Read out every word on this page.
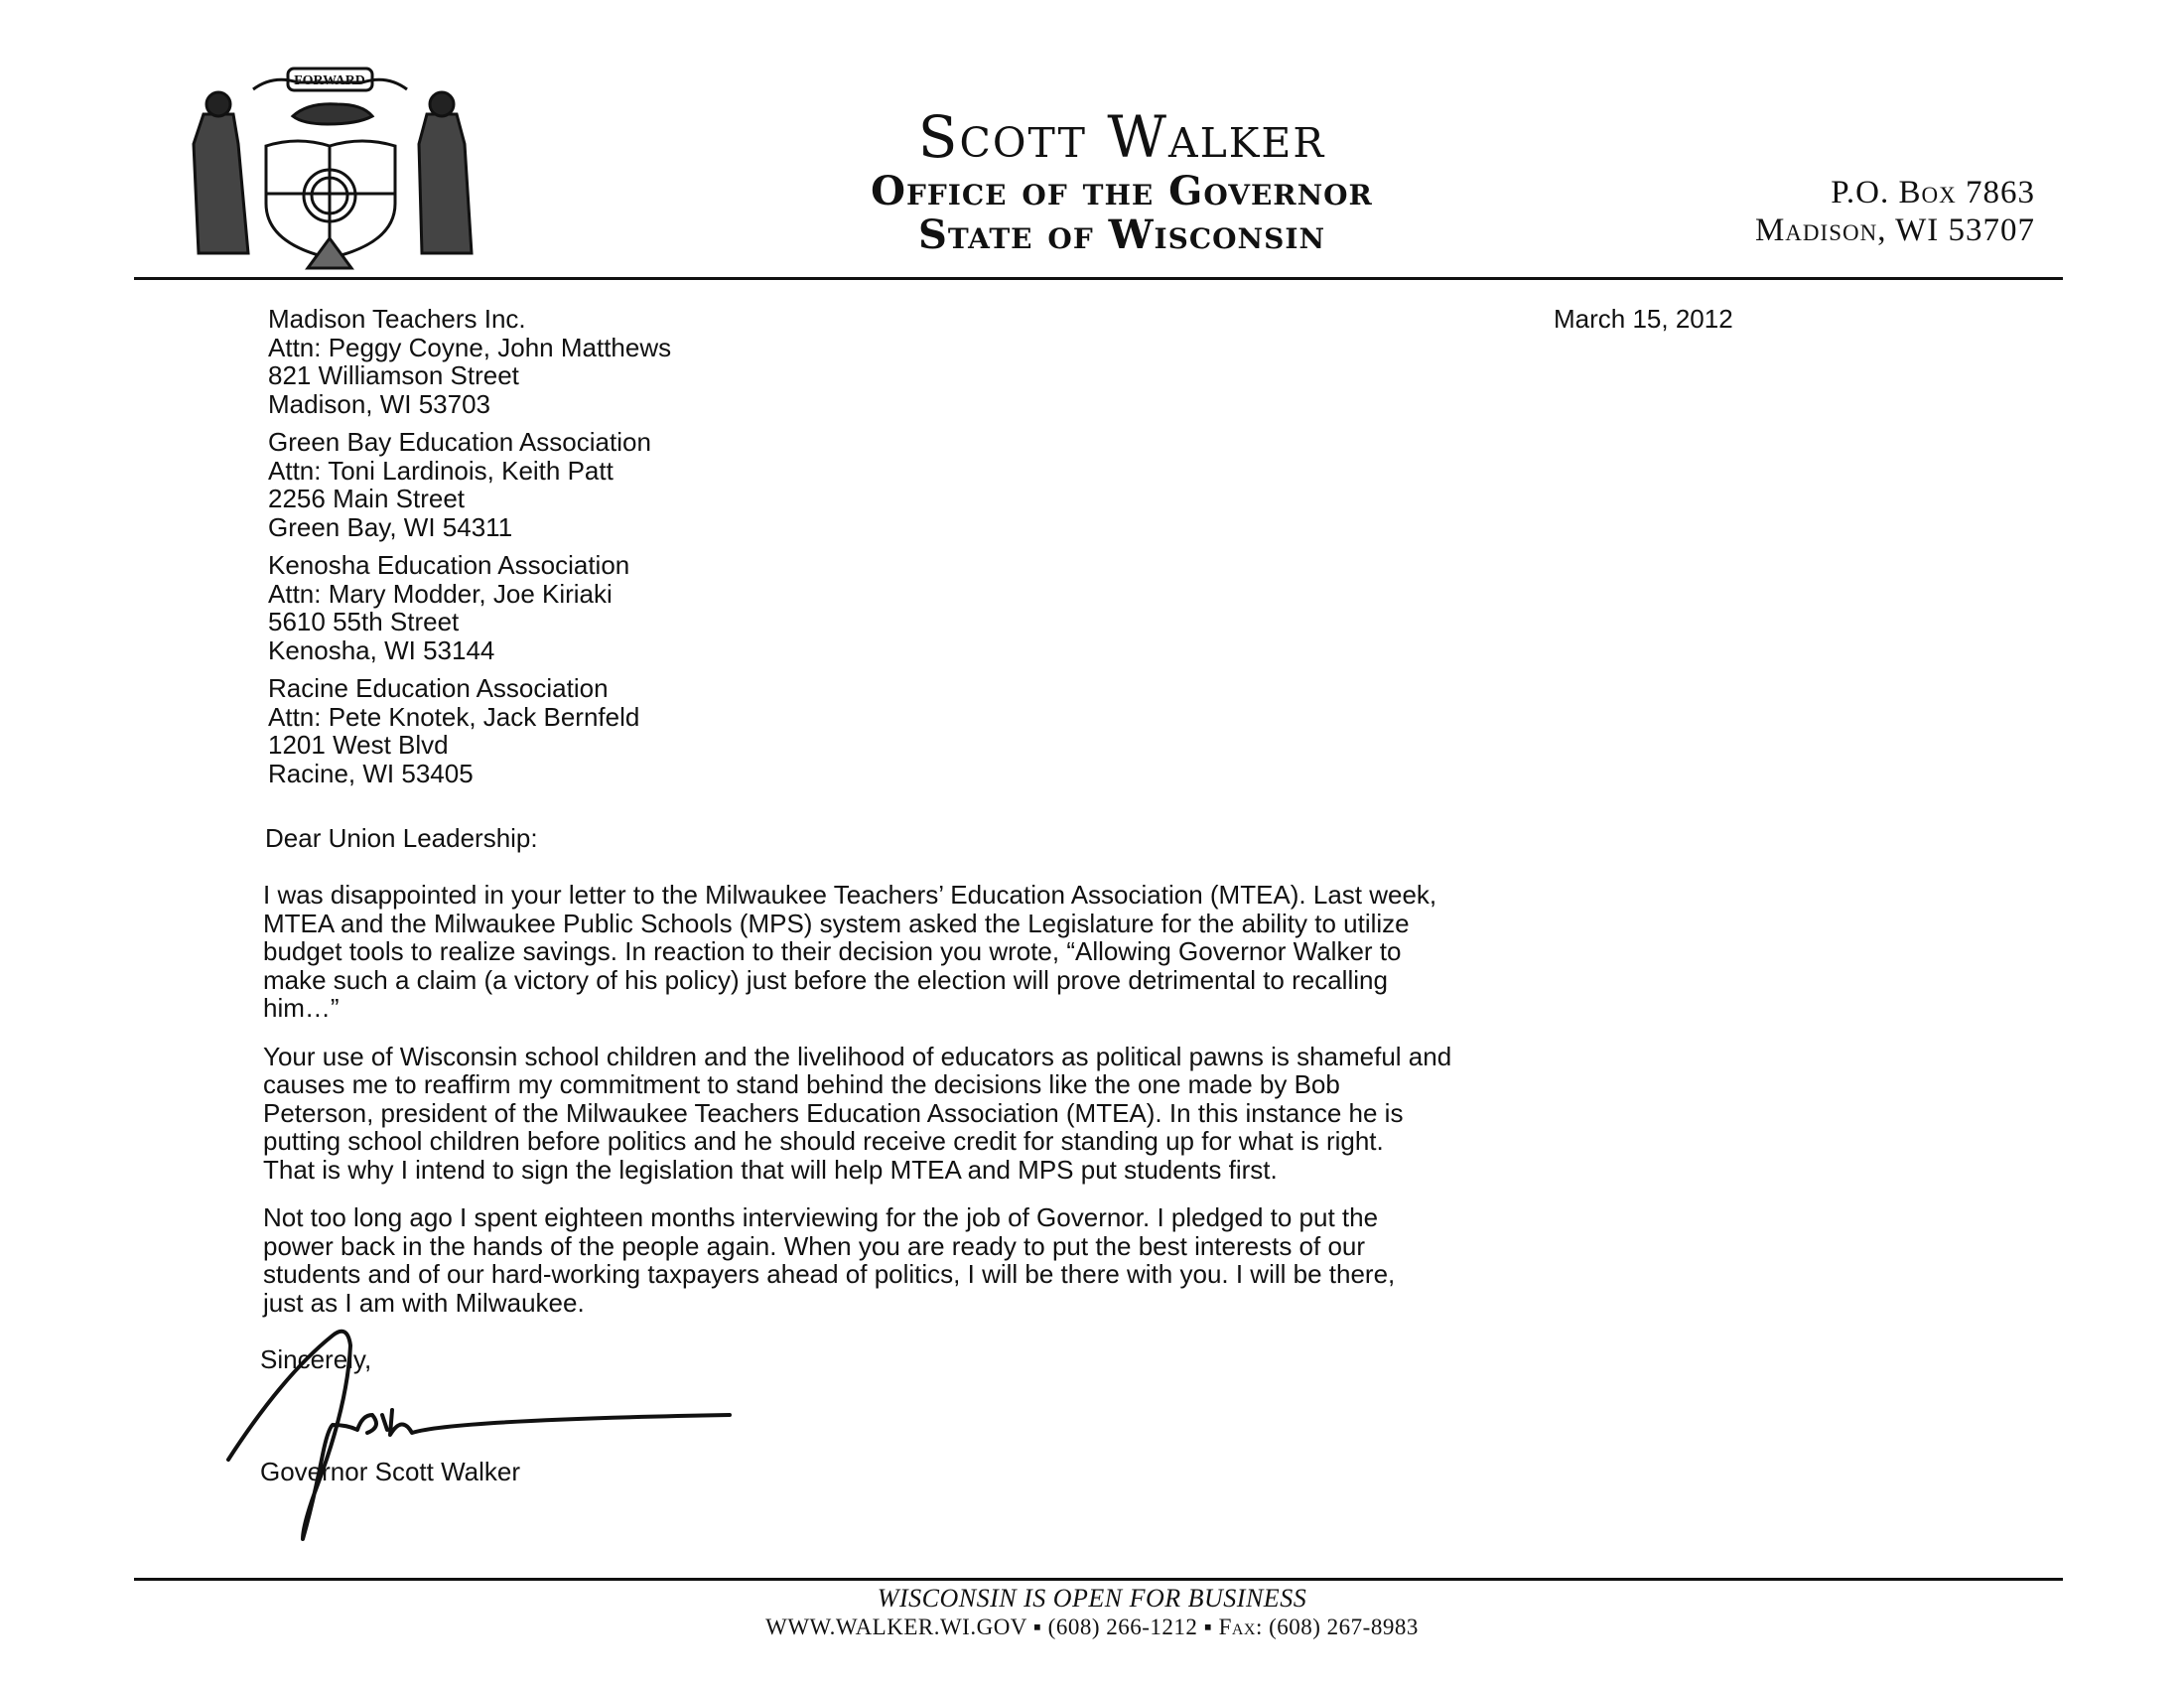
FORWARD
Scott Walker
Office of the Governor
State of Wisconsin
P.O. Box 7863
Madison, WI 53707
March 15, 2012
Madison Teachers Inc.
Attn: Peggy Coyne, John Matthews
821 Williamson Street
Madison, WI 53703
Green Bay Education Association
Attn: Toni Lardinois, Keith Patt
2256 Main Street
Green Bay, WI 54311
Kenosha Education Association
Attn: Mary Modder, Joe Kiriaki
5610 55th Street
Kenosha, WI 53144
Racine Education Association
Attn: Pete Knotek, Jack Bernfeld
1201 West Blvd
Racine, WI 53405
Dear Union Leadership:

I was disappointed in your letter to the Milwaukee Teachers’ Education Association (MTEA). Last week,
MTEA and the Milwaukee Public Schools (MPS) system asked the Legislature for the ability to utilize
budget tools to realize savings. In reaction to their decision you wrote, “Allowing Governor Walker to
make such a claim (a victory of his policy) just before the election will prove detrimental to recalling
him…”

Your use of Wisconsin school children and the livelihood of educators as political pawns is shameful and
causes me to reaffirm my commitment to stand behind the decisions like the one made by Bob
Peterson, president of the Milwaukee Teachers Education Association (MTEA). In this instance he is
putting school children before politics and he should receive credit for standing up for what is right.
That is why I intend to sign the legislation that will help MTEA and MPS put students first.

Not too long ago I spent eighteen months interviewing for the job of Governor. I pledged to put the
power back in the hands of the people again. When you are ready to put the best interests of our
students and of our hard-working taxpayers ahead of politics, I will be there with you. I will be there,
just as I am with Milwaukee.

Sincerely,
Governor Scott Walker
WISCONSIN IS OPEN FOR BUSINESS
WWW.WALKER.WI.GOV ▪ (608) 266-1212 ▪ Fax: (608) 267-8983
